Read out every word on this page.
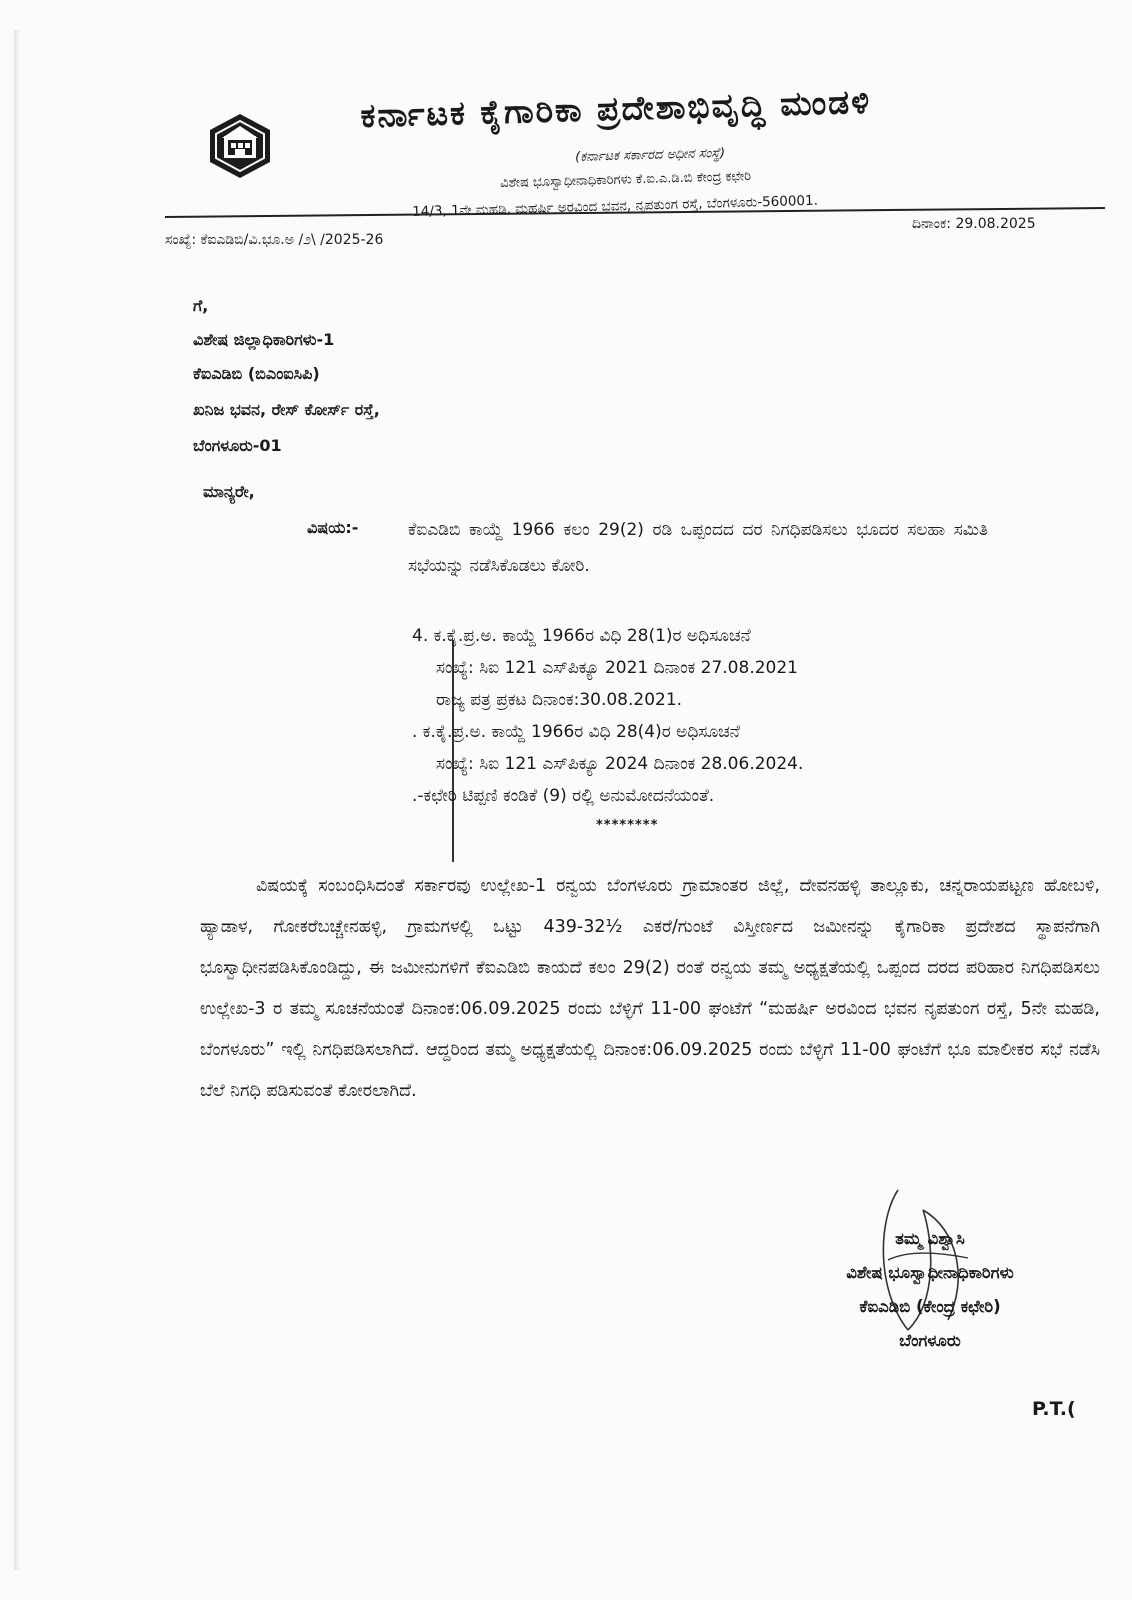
ಕರ್ನಾಟಕ ಕೈಗಾರಿಕಾ ಪ್ರದೇಶಾಭಿವೃದ್ಧಿ ಮಂಡಳಿ
(ಕರ್ನಾಟಕ ಸರ್ಕಾರದ ಅಧೀನ ಸಂಸ್ಥೆ)
ವಿಶೇಷ ಭೂಸ್ವಾಧೀನಾಧಿಕಾರಿಗಳು ಕೆ.ಐ.ಎ.ಡಿ.ಬಿ ಕೇಂದ್ರ ಕಛೇರಿ
14/3, 1ನೇ ಮಹಡಿ, ಮಹರ್ಷಿ ಅರವಿಂದ ಭವನ, ನೃಪತುಂಗ ರಸ್ತೆ, ಬೆಂಗಳೂರು-560001.
ಸಂಖ್ಯೆ: ಕೆಐಎಡಿಬಿ/ವಿ.ಭೂ.ಅ /೨\ /2025-26
ದಿನಾಂಕ: 29.08.2025
ಗೆ,
ವಿಶೇಷ ಜಿಲ್ಲಾಧಿಕಾರಿಗಳು-1
ಕೆಐಎಡಿಬಿ (ಬಿಎಂಐಸಿಪಿ)
ಖನಿಜ ಭವನ, ರೇಸ್ ಕೋರ್ಸ್ ರಸ್ತೆ,
ಬೆಂಗಳೂರು-01
ಮಾನ್ಯರೇ,
ವಿಷಯ:-	ಕೆಐಎಡಿಬಿ ಕಾಯ್ದೆ 1966 ಕಲಂ 29(2) ರಡಿ ಒಪ್ಪಂದದ ದರ ನಿಗಧಿಪಡಿಸಲು ಭೂದರ ಸಲಹಾ ಸಮಿತಿ ಸಭೆಯನ್ನು ನಡೆಸಿಕೊಡಲು ಕೋರಿ.
4. ಕ.ಕೈ.ಪ್ರ.ಅ. ಕಾಯ್ದೆ 1966ರ ವಿಧಿ 28(1)ರ ಅಧಿಸೂಚನೆ
ಸಂಖ್ಯೆ: ಸಿಐ 121 ಎಸ್‌ಪಿಕ್ಯೂ 2021 ದಿನಾಂಕ 27.08.2021
ರಾಜ್ಯ ಪತ್ರ ಪ್ರಕಟ ದಿನಾಂಕ:30.08.2021.
. ಕ.ಕೈ.ಪ್ರ.ಅ. ಕಾಯ್ದೆ 1966ರ ವಿಧಿ 28(4)ರ ಅಧಿಸೂಚನೆ
ಸಂಖ್ಯೆ: ಸಿಐ 121 ಎಸ್‌ಪಿಕ್ಯೂ 2024 ದಿನಾಂಕ 28.06.2024.
.-ಕಛೇರಿ ಟಿಪ್ಪಣಿ ಕಂಡಿಕೆ (9) ರಲ್ಲಿ ಅನುಮೋದನೆಯಂತೆ.
********
ವಿಷಯಕ್ಕೆ ಸಂಬಂಧಿಸಿದಂತೆ ಸರ್ಕಾರವು ಉಲ್ಲೇಖ-1 ರನ್ವಯ ಬೆಂಗಳೂರು ಗ್ರಾಮಾಂತರ ಜಿಲ್ಲೆ, ದೇವನಹಳ್ಳಿ ತಾಲ್ಲೂಕು, ಚನ್ನರಾಯಪಟ್ಟಣ ಹೋಬಳಿ, ಹ್ಯಾಡಾಳ, ಗೋಕರೆಬಚ್ಚೇನಹಳ್ಳಿ, ಗ್ರಾಮಗಳಲ್ಲಿ ಒಟ್ಟು 439-32½ ಎಕರೆ/ಗುಂಟೆ ವಿಸ್ತೀರ್ಣದ ಜಮೀನನ್ನು ಕೈಗಾರಿಕಾ ಪ್ರದೇಶದ ಸ್ಥಾಪನೆಗಾಗಿ ಭೂಸ್ವಾಧೀನಪಡಿಸಿಕೊಂಡಿದ್ದು, ಈ ಜಮೀನುಗಳಿಗೆ ಕೆಐಎಡಿಬಿ ಕಾಯದೆ ಕಲಂ 29(2) ರಂತೆ ರನ್ವಯ ತಮ್ಮ ಅಧ್ಯಕ್ಷತೆಯಲ್ಲಿ ಒಪ್ಪಂದ ದರದ ಪರಿಹಾರ ನಿಗಧಿಪಡಿಸಲು ಉಲ್ಲೇಖ-3 ರ ತಮ್ಮ ಸೂಚನೆಯಂತೆ ದಿನಾಂಕ:06.09.2025 ರಂದು ಬೆಳ್ಳಿಗೆ 11-00 ಘಂಟೆಗೆ “ಮಹರ್ಷಿ ಅರವಿಂದ ಭವನ ನೃಪತುಂಗ ರಸ್ತೆ, 5ನೇ ಮಹಡಿ, ಬೆಂಗಳೂರು” ಇಲ್ಲಿ ನಿಗಧಿಪಡಿಸಲಾಗಿದೆ. ಆದ್ದರಿಂದ ತಮ್ಮ ಅಧ್ಯಕ್ಷತೆಯಲ್ಲಿ ದಿನಾಂಕ:06.09.2025 ರಂದು ಬೆಳ್ಳಿಗೆ 11-00 ಘಂಟೆಗೆ ಭೂ ಮಾಲೀಕರ ಸಭೆ ನಡೆಸಿ ಬೆಲೆ ನಿಗಧಿ ಪಡಿಸುವಂತೆ ಕೋರಲಾಗಿದೆ.
ತಮ್ಮ ವಿಶ್ವಾಸಿ
ವಿಶೇಷ ಭೂಸ್ವಾಧೀನಾಧಿಕಾರಿಗಳು
ಕೆಐಎಡಿಬಿ (ಕೇಂದ್ರ ಕಛೇರಿ)
ಬೆಂಗಳೂರು
P.T.(
